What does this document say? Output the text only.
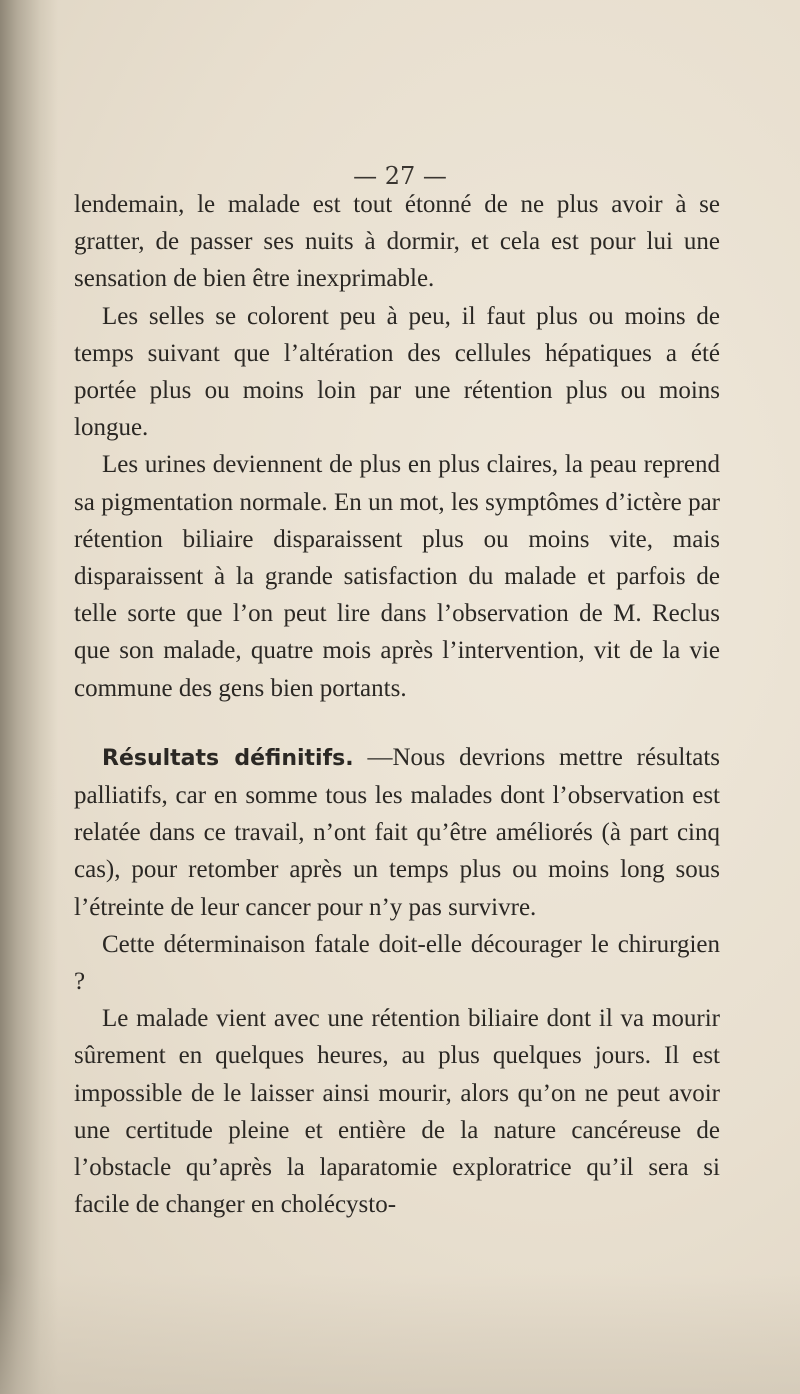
— 27 —

lendemain, le malade est tout étonné de ne plus avoir à se gratter, de passer ses nuits à dormir, et cela est pour lui une sensation de bien être inexprimable.

Les selles se colorent peu à peu, il faut plus ou moins de temps suivant que l’altération des cellules hépatiques a été portée plus ou moins loin par une rétention plus ou moins longue.

Les urines deviennent de plus en plus claires, la peau reprend sa pigmentation normale. En un mot, les symptômes d’ictère par rétention biliaire disparaissent plus ou moins vite, mais disparaissent à la grande satisfaction du malade et parfois de telle sorte que l’on peut lire dans l’observation de M. Reclus que son malade, quatre mois après l’intervention, vit de la vie commune des gens bien portants.

Résultats définitifs. —Nous devrions mettre résultats palliatifs, car en somme tous les malades dont l’observation est relatée dans ce travail, n’ont fait qu’être améliorés (à part cinq cas), pour retomber après un temps plus ou moins long sous l’étreinte de leur cancer pour n’y pas survivre.

Cette déterminaison fatale doit-elle décourager le chirurgien ?

Le malade vient avec une rétention biliaire dont il va mourir sûrement en quelques heures, au plus quelques jours. Il est impossible de le laisser ainsi mourir, alors qu’on ne peut avoir une certitude pleine et entière de la nature cancéreuse de l’obstacle qu’après la laparatomie exploratrice qu’il sera si facile de changer en cholécysto-
